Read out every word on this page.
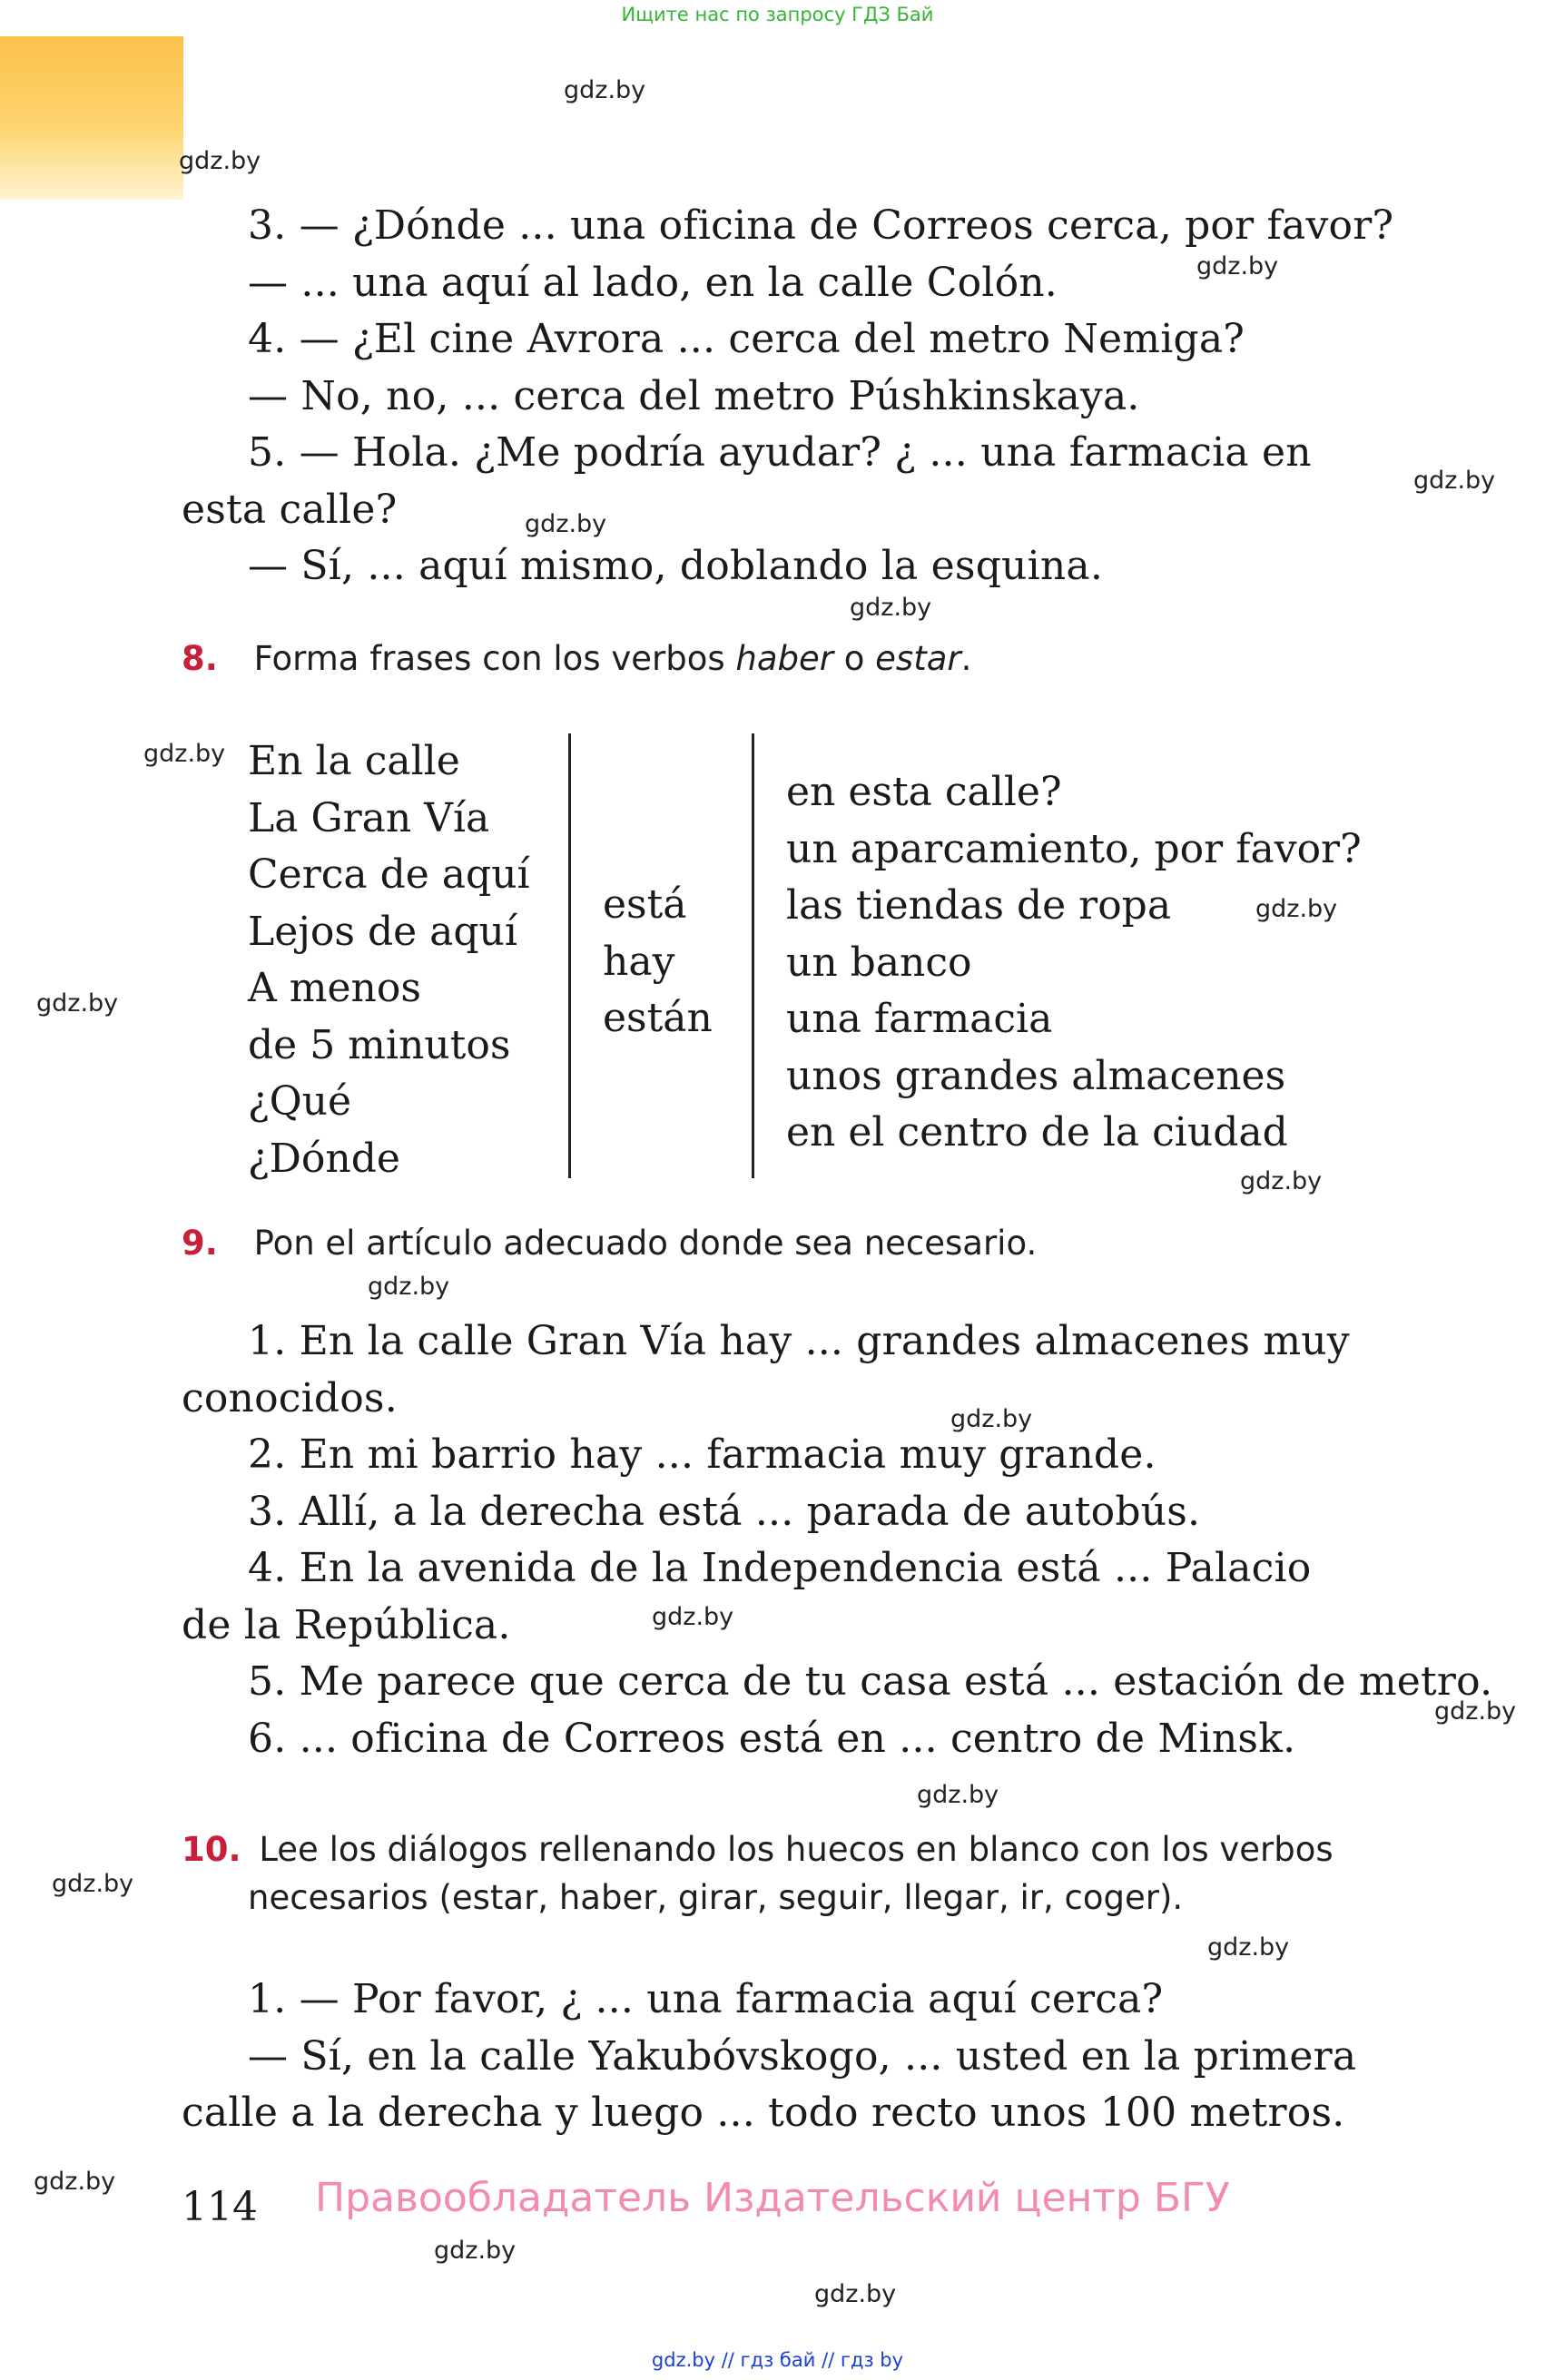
Ищите нас по запросу ГДЗ Бай
gdz.by
gdz.by
gdz.by
gdz.by
gdz.by
gdz.by
gdz.by
gdz.by
gdz.by
gdz.by
gdz.by
gdz.by
gdz.by
gdz.by
gdz.by
gdz.by
gdz.by
gdz.by
gdz.by
gdz.by
3. — ¿Dónde ... una oficina de Correos cerca, por favor?
— ... una aquí al lado, en la calle Colón.
4. — ¿El cine Avrora ... cerca del metro Nemiga?
— No, no, ... cerca del metro Púshkinskaya.
5. — Hola. ¿Me podría ayudar? ¿ ... una farmacia en
esta calle?
— Sí, ... aquí mismo, doblando la esquina.
8. Forma frases con los verbos haber o estar.
En la calle
La Gran Vía
Cerca de aquí
Lejos de aquí
A menos
de 5 minutos
¿Qué
¿Dónde
está
hay
están
en esta calle?
un aparcamiento, por favor?
las tiendas de ropa
un banco
una farmacia
unos grandes almacenes
en el centro de la ciudad
9. Pon el artículo adecuado donde sea necesario.
1. En la calle Gran Vía hay ... grandes almacenes muy
conocidos.
2. En mi barrio hay ... farmacia muy grande.
3. Allí, a la derecha está ... parada de autobús.
4. En la avenida de la Independencia está ... Palacio
de la República.
5. Me parece que cerca de tu casa está ... estación de metro.
6. ... oficina de Correos está en ... centro de Minsk.
10. Lee los diálogos rellenando los huecos en blanco con los verbos
necesarios (estar, haber, girar, seguir, llegar, ir, coger).
1. — Por favor, ¿ ... una farmacia aquí cerca?
— Sí, en la calle Yakubóvskogo, ... usted en la primera
calle a la derecha y luego ... todo recto unos 100 metros.
114 Правообладатель Издательский центр БГУ
gdz.by // гдз бай // гдз by
